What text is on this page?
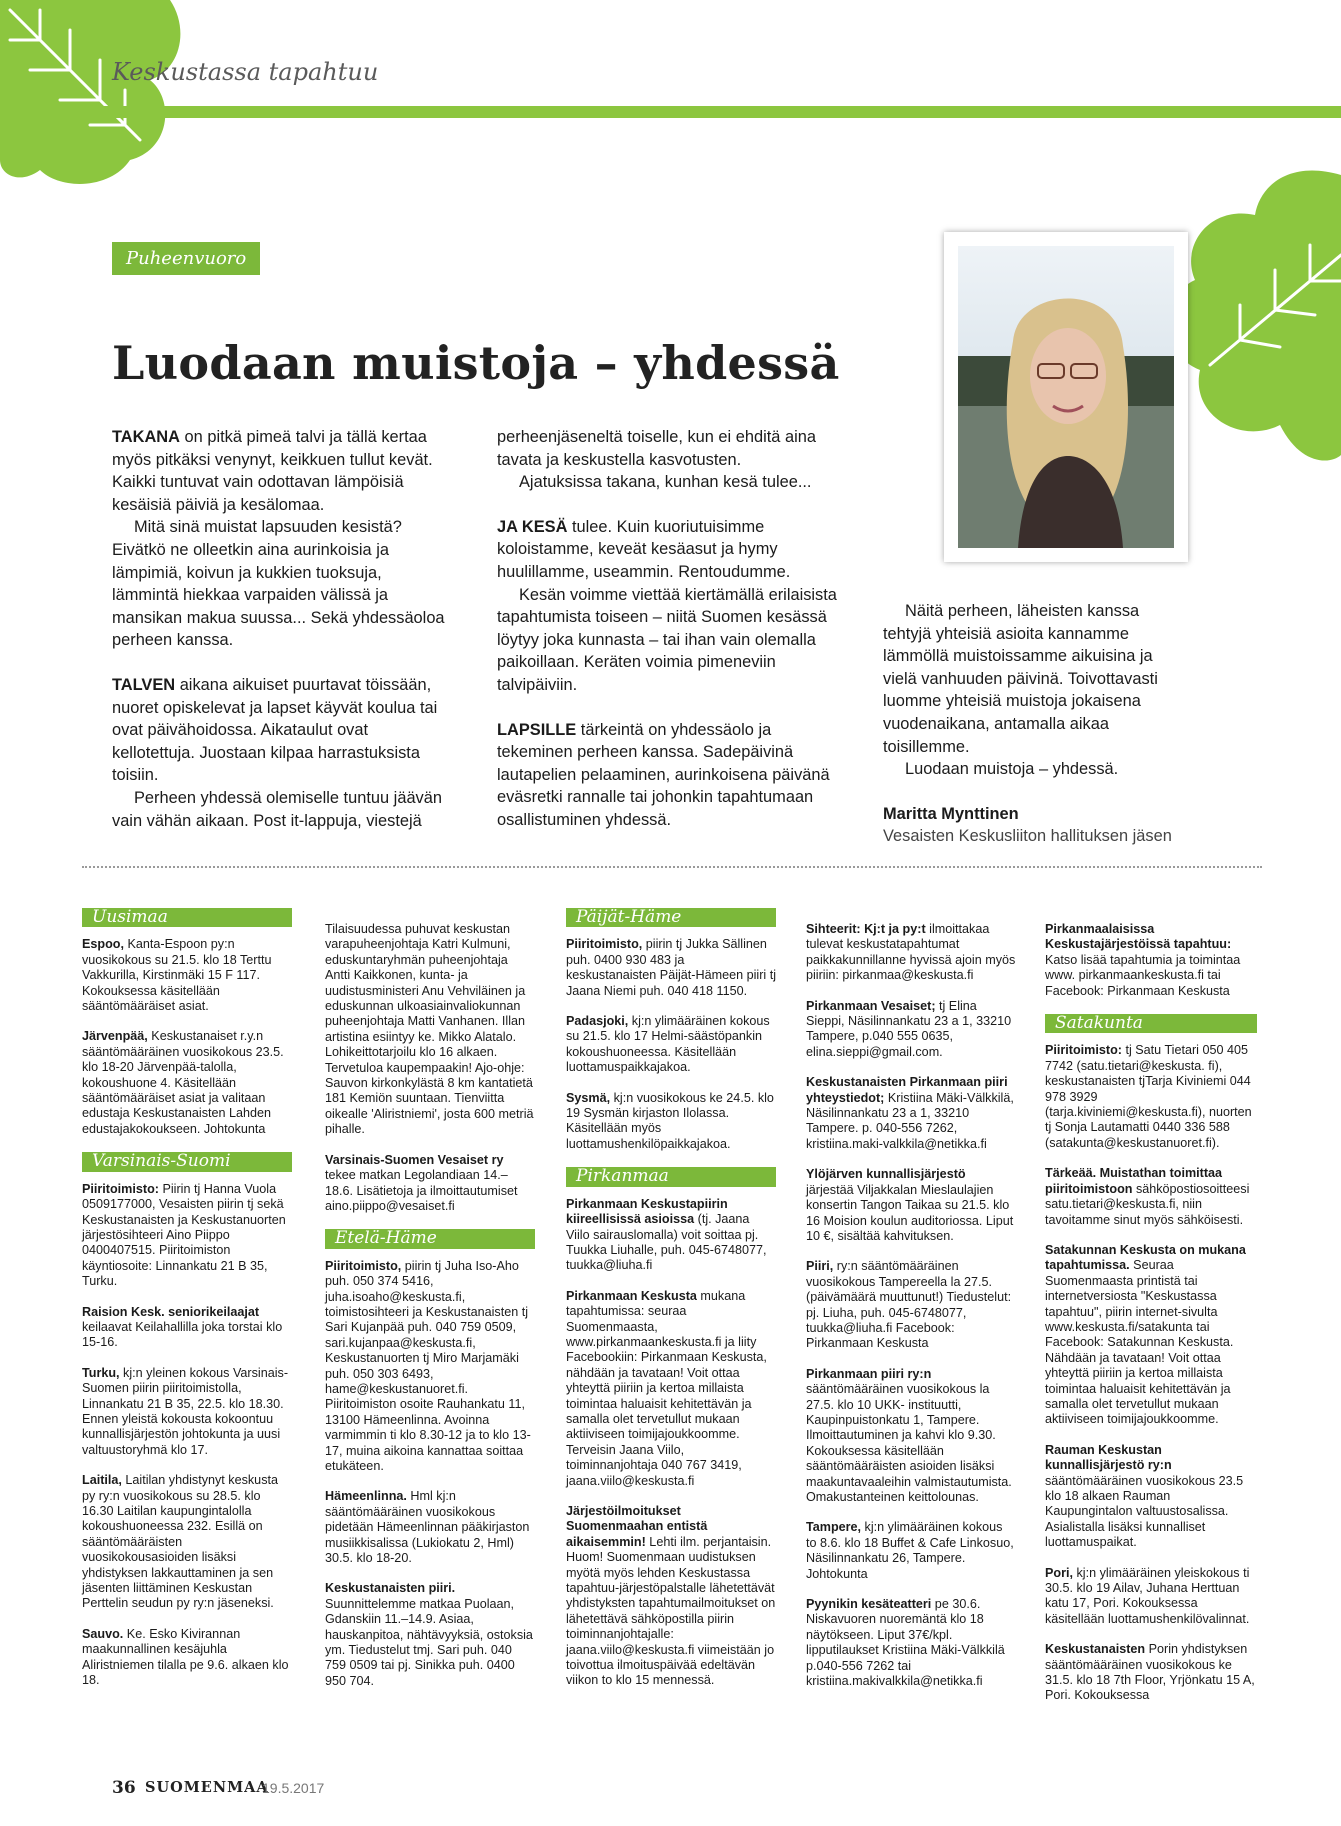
Keskustassa tapahtuu
Puheenvuoro
Luodaan muistoja – yhdessä

TAKANA on pitkä pimeä talvi ja tällä kertaa myös pitkäksi venynyt, keikkuen tullut kevät. Kaikki tuntuvat vain odottavan lämpöisiä kesäisiä päiviä ja kesälomaa.

Mitä sinä muistat lapsuuden kesistä? Eivätkö ne olleetkin aina aurinkoisia ja lämpimiä, koivun ja kukkien tuoksuja, lämmintä hiekkaa varpaiden välissä ja mansikan makua suussa... Sekä yhdessäoloa perheen kanssa.

TALVEN aikana aikuiset puurtavat töissään, nuoret opiskelevat ja lapset käyvät koulua tai ovat päivähoidossa. Aikataulut ovat kellotettuja. Juostaan kilpaa harrastuksista toisiin.

Perheen yhdessä olemiselle tuntuu jäävän vain vähän aikaan. Post it-lappuja, viestejä

perheenjäseneltä toiselle, kun ei ehditä aina tavata ja keskustella kasvotusten.

Ajatuksissa takana, kunhan kesä tulee...

JA KESÄ tulee. Kuin kuoriutuisimme koloistamme, keveät kesäasut ja hymy huulillamme, useammin. Rentoudumme.

Kesän voimme viettää kiertämällä erilaisista tapahtumista toiseen – niitä Suomen kesässä löytyy joka kunnasta – tai ihan vain olemalla paikoillaan. Keräten voimia pimeneviin talvipäiviin.

LAPSILLE tärkeintä on yhdessäolo ja tekeminen perheen kanssa. Sadepäivinä lautapelien pelaaminen, aurinkoisena päivänä eväsretki rannalle tai johonkin tapahtumaan osallistuminen yhdessä.

Näitä perheen, läheisten kanssa tehtyjä yhteisiä asioita kannamme lämmöllä muistoissamme aikuisina ja vielä vanhuuden päivinä. Toivottavasti luomme yhteisiä muistoja jokaisena vuodenaikana, antamalla aikaa toisillemme.

Luodaan muistoja – yhdessä.

Maritta Mynttinen

Vesaisten Keskusliiton hallituksen jäsen

Uusimaa

Espoo, Kanta-Espoon py:n vuosikokous su 21.5. klo 18 Terttu Vakkurilla, Kirstinmäki 15 F 117. Kokouksessa käsitellään sääntömääräiset asiat.

Järvenpää, Keskustanaiset r.y.n sääntömääräinen vuosikokous 23.5. klo 18-20 Järvenpää-talolla, kokoushuone 4. Käsitellään sääntömääräiset asiat ja valitaan edustaja Keskustanaisten Lahden edustajakokoukseen. Johtokunta

Varsinais-Suomi

Piiritoimisto: Piirin tj Hanna Vuola 0509177000, Vesaisten piirin tj sekä Keskustanaisten ja Keskustanuorten järjestösihteeri Aino Piippo 0400407515. Piiritoimiston käyntiosoite: Linnankatu 21 B 35, Turku.

Raision Kesk. seniorikeilaajat keilaavat Keilahallilla joka torstai klo 15-16.

Turku, kj:n yleinen kokous Varsinais-Suomen piirin piiritoimistolla, Linnankatu 21 B 35, 22.5. klo 18.30. Ennen yleistä kokousta kokoontuu kunnallisjärjestön johtokunta ja uusi valtuustoryhmä klo 17.

Laitila, Laitilan yhdistynyt keskusta py ry:n vuosikokous su 28.5. klo 16.30 Laitilan kaupungintalolla kokoushuoneessa 232. Esillä on sääntömääräisten vuosikokousasioiden lisäksi yhdistyksen lakkauttaminen ja sen jäsenten liittäminen Keskustan Perttelin seudun py ry:n jäseneksi.

Sauvo. Ke. Esko Kivirannan maakunnallinen kesäjuhla Aliristniemen tilalla pe 9.6. alkaen klo 18.

Tilaisuudessa puhuvat keskustan varapuheenjohtaja Katri Kulmuni, eduskuntaryhmän puheenjohtaja Antti Kaikkonen, kunta- ja uudistusministeri Anu Vehviläinen ja eduskunnan ulkoasiainvaliokunnan puheenjohtaja Matti Vanhanen. Illan artistina esiintyy ke. Mikko Alatalo. Lohikeittotarjoilu klo 16 alkaen. Tervetuloa kaupempaakin! Ajo-ohje: Sauvon kirkonkylästä 8 km kantatietä 181 Kemiön suuntaan. Tienviitta oikealle 'Aliristniemi', josta 600 metriä pihalle.

Varsinais-Suomen Vesaiset ry tekee matkan Legolandiaan 14.–18.6. Lisätietoja ja ilmoittautumiset aino.piippo@vesaiset.fi

Etelä-Häme

Piiritoimisto, piirin tj Juha Iso-Aho puh. 050 374 5416, juha.isoaho@keskusta.fi, toimistosihteeri ja Keskustanaisten tj Sari Kujanpää puh. 040 759 0509, sari.kujanpaa@keskusta.fi, Keskustanuorten tj Miro Marjamäki puh. 050 303 6493, hame@keskustanuoret.fi. Piiritoimiston osoite Rauhankatu 11, 13100 Hämeenlinna. Avoinna varmimmin ti klo 8.30-12 ja to klo 13-17, muina aikoina kannattaa soittaa etukäteen.

Hämeenlinna. Hml kj:n sääntömääräinen vuosikokous pidetään Hämeenlinnan pääkirjaston musiikkisalissa (Lukiokatu 2, Hml) 30.5. klo 18-20.

Keskustanaisten piiri. Suunnittelemme matkaa Puolaan, Gdanskiin 11.–14.9. Asiaa, hauskanpitoa, nähtävyyksiä, ostoksia ym. Tiedustelut tmj. Sari puh. 040 759 0509 tai pj. Sinikka puh. 0400 950 704.

Päijät-Häme

Piiritoimisto, piirin tj Jukka Sällinen puh. 0400 930 483 ja keskustanaisten Päijät-Hämeen piiri tj Jaana Niemi puh. 040 418 1150.

Padasjoki, kj:n ylimääräinen kokous su 21.5. klo 17 Helmi-säästöpankin kokoushuoneessa. Käsitellään luottamuspaikkajakoa.

Sysmä, kj:n vuosikokous ke 24.5. klo 19 Sysmän kirjaston Ilolassa. Käsitellään myös luottamushenkilöpaikkajakoa.

Pirkanmaa

Pirkanmaan Keskustapiirin kiireellisissä asioissa (tj. Jaana Viilo sairauslomalla) voit soittaa pj. Tuukka Liuhalle, puh. 045-6748077, tuukka@liuha.fi

Pirkanmaan Keskusta mukana tapahtumissa: seuraa Suomenmaasta, www.pirkanmaankeskusta.fi ja liity Facebookiin: Pirkanmaan Keskusta, nähdään ja tavataan! Voit ottaa yhteyttä piiriin ja kertoa millaista toimintaa haluaisit kehitettävän ja samalla olet tervetullut mukaan aktiiviseen toimijajoukkoomme. Terveisin Jaana Viilo, toiminnanjohtaja 040 767 3419, jaana.viilo@keskusta.fi

Järjestöilmoitukset Suomenmaahan entistä aikaisemmin! Lehti ilm. perjantaisin. Huom! Suomenmaan uudistuksen myötä myös lehden Keskustassa tapahtuu-järjestöpalstalle lähetettävät yhdistyksten tapahtumailmoitukset on lähetettävä sähköpostilla piirin toiminnanjohtajalle: jaana.viilo@keskusta.fi viimeistään jo toivottua ilmoituspäivää edeltävän viikon to klo 15 mennessä.

Sihteerit: Kj:t ja py:t ilmoittakaa tulevat keskustatapahtumat paikkakunnillanne hyvissä ajoin myös piiriin: pirkanmaa@keskusta.fi

Pirkanmaan Vesaiset; tj Elina Sieppi, Näsilinnankatu 23 a 1, 33210 Tampere, p.040 555 0635, elina.sieppi@gmail.com.

Keskustanaisten Pirkanmaan piiri yhteystiedot; Kristiina Mäki-Välkkilä, Näsilinnankatu 23 a 1, 33210 Tampere. p. 040-556 7262, kristiina.maki-valkkila@netikka.fi

Ylöjärven kunnallisjärjestö järjestää Viljakkalan Mieslaulajien konsertin Tangon Taikaa su 21.5. klo 16 Moision koulun auditoriossa. Liput 10 €, sisältää kahvituksen.

Piiri, ry:n sääntömääräinen vuosikokous Tampereella la 27.5. (päivämäärä muuttunut!) Tiedustelut: pj. Liuha, puh. 045-6748077, tuukka@liuha.fi Facebook: Pirkanmaan Keskusta

Pirkanmaan piiri ry:n sääntömääräinen vuosikokous la 27.5. klo 10 UKK- instituutti, Kaupinpuistonkatu 1, Tampere. Ilmoittautuminen ja kahvi klo 9.30. Kokouksessa käsitellään sääntömääräisten asioiden lisäksi maakuntavaaleihin valmistautumista. Omakustanteinen keittolounas.

Tampere, kj:n ylimääräinen kokous to 8.6. klo 18 Buffet & Cafe Linkosuo, Näsilinnankatu 26, Tampere. Johtokunta

Pyynikin kesäteatteri pe 30.6. Niskavuoren nuoremäntä klo 18 näytökseen. Liput 37€/kpl. lipputilaukset Kristiina Mäki-Välkkilä p.040-556 7262 tai kristiina.makivalkkila@netikka.fi

Pirkanmaalaisissa Keskustajärjestöissä tapahtuu: Katso lisää tapahtumia ja toimintaa www. pirkanmaankeskusta.fi tai Facebook: Pirkanmaan Keskusta

Satakunta

Piiritoimisto: tj Satu Tietari 050 405 7742 (satu.tietari@keskusta. fi), keskustanaisten tjTarja Kiviniemi 044 978 3929 (tarja.kiviniemi@keskusta.fi), nuorten tj Sonja Lautamatti 0440 336 588 (satakunta@keskustanuoret.fi).

Tärkeää. Muistathan toimittaa piiritoimistoon sähköpostiosoitteesi satu.tietari@keskusta.fi, niin tavoitamme sinut myös sähköisesti.

Satakunnan Keskusta on mukana tapahtumissa. Seuraa Suomenmaasta printistä tai internetversiosta "Keskustassa tapahtuu", piirin internet-sivulta www.keskusta.fi/satakunta tai Facebook: Satakunnan Keskusta. Nähdään ja tavataan! Voit ottaa yhteyttä piiriin ja kertoa millaista toimintaa haluaisit kehitettävän ja samalla olet tervetullut mukaan aktiiviseen toimijajoukkoomme.

Rauman Keskustan kunnallisjärjestö ry:n sääntömääräinen vuosikokous 23.5 klo 18 alkaen Rauman Kaupungintalon valtuustosalissa. Asialistalla lisäksi kunnalliset luottamuspaikat.

Pori, kj:n ylimääräinen yleiskokous ti 30.5. klo 19 Ailav, Juhana Herttuan katu 17, Pori. Kokouksessa käsitellään luottamushenkilövalinnat.

Keskustanaisten Porin yhdistyksen sääntömääräinen vuosikokous ke 31.5. klo 18 7th Floor, Yrjönkatu 15 A, Pori. Kokouksessa

36 SUOMENMAA
19.5.2017
